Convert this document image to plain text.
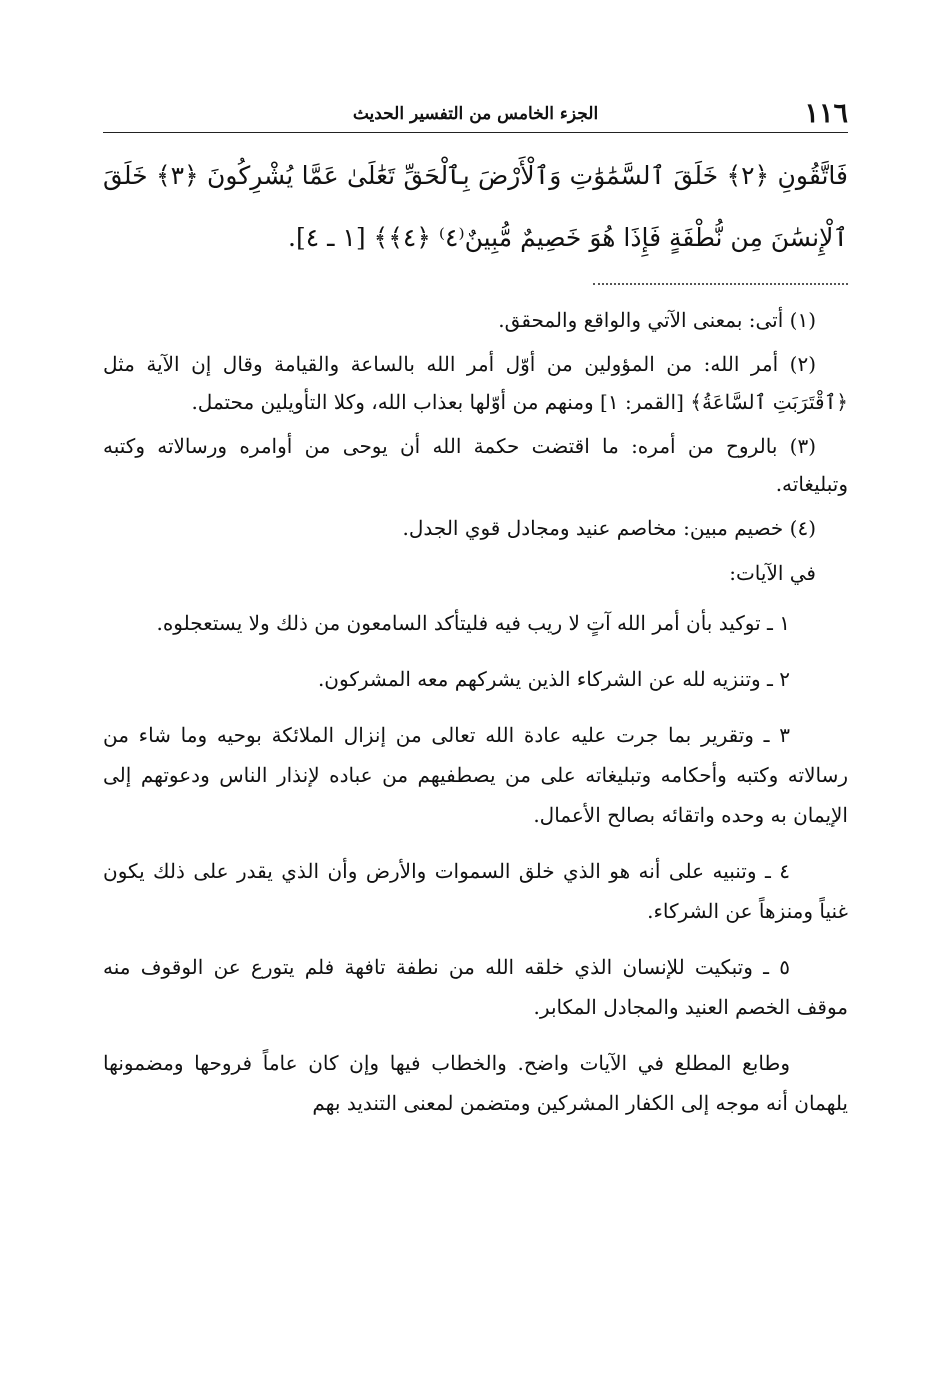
١١٦
الجزء الخامس من التفسير الحديث
فَاتَّقُونِ ﴿٢﴾ خَلَقَ ٱلسَّمَٰوَٰتِ وَٱلْأَرْضَ بِٱلْحَقِّ تَعَٰلَىٰ عَمَّا يُشْرِكُونَ ﴿٣﴾ خَلَقَ ٱلْإِنسَٰنَ مِن نُّطْفَةٍ فَإِذَا هُوَ خَصِيمٌ مُّبِينٌ⁽٤⁾ ﴿٤﴾﴾ [١ ـ ٤].

(١) أتى: بمعنى الآتي والواقع والمحقق.

(٢) أمر الله: من المؤولين من أوّل أمر الله بالساعة والقيامة وقال إن الآية مثل ﴿ٱقْتَرَبَتِ ٱلسَّاعَةُ﴾ [القمر: ١] ومنهم من أوّلها بعذاب الله، وكلا التأويلين محتمل.

(٣) بالروح من أمره: ما اقتضت حكمة الله أن يوحى من أوامره ورسالاته وكتبه وتبليغاته.

(٤) خصيم مبين: مخاصم عنيد ومجادل قوي الجدل.

في الآيات:

١ ـ توكيد بأن أمر الله آتٍ لا ريب فيه فليتأكد السامعون من ذلك ولا يستعجلوه.

٢ ـ وتنزيه لله عن الشركاء الذين يشركهم معه المشركون.

٣ ـ وتقرير بما جرت عليه عادة الله تعالى من إنزال الملائكة بوحيه وما شاء من رسالاته وكتبه وأحكامه وتبليغاته على من يصطفيهم من عباده لإنذار الناس ودعوتهم إلى الإيمان به وحده واتقائه بصالح الأعمال.

٤ ـ وتنبيه على أنه هو الذي خلق السموات والأرض وأن الذي يقدر على ذلك يكون غنياً ومنزهاً عن الشركاء.

٥ ـ وتبكيت للإنسان الذي خلقه الله من نطفة تافهة فلم يتورع عن الوقوف منه موقف الخصم العنيد والمجادل المكابر.

وطابع المطلع في الآيات واضح. والخطاب فيها وإن كان عاماً فروحها ومضمونها يلهمان أنه موجه إلى الكفار المشركين ومتضمن لمعنى التنديد بهم
